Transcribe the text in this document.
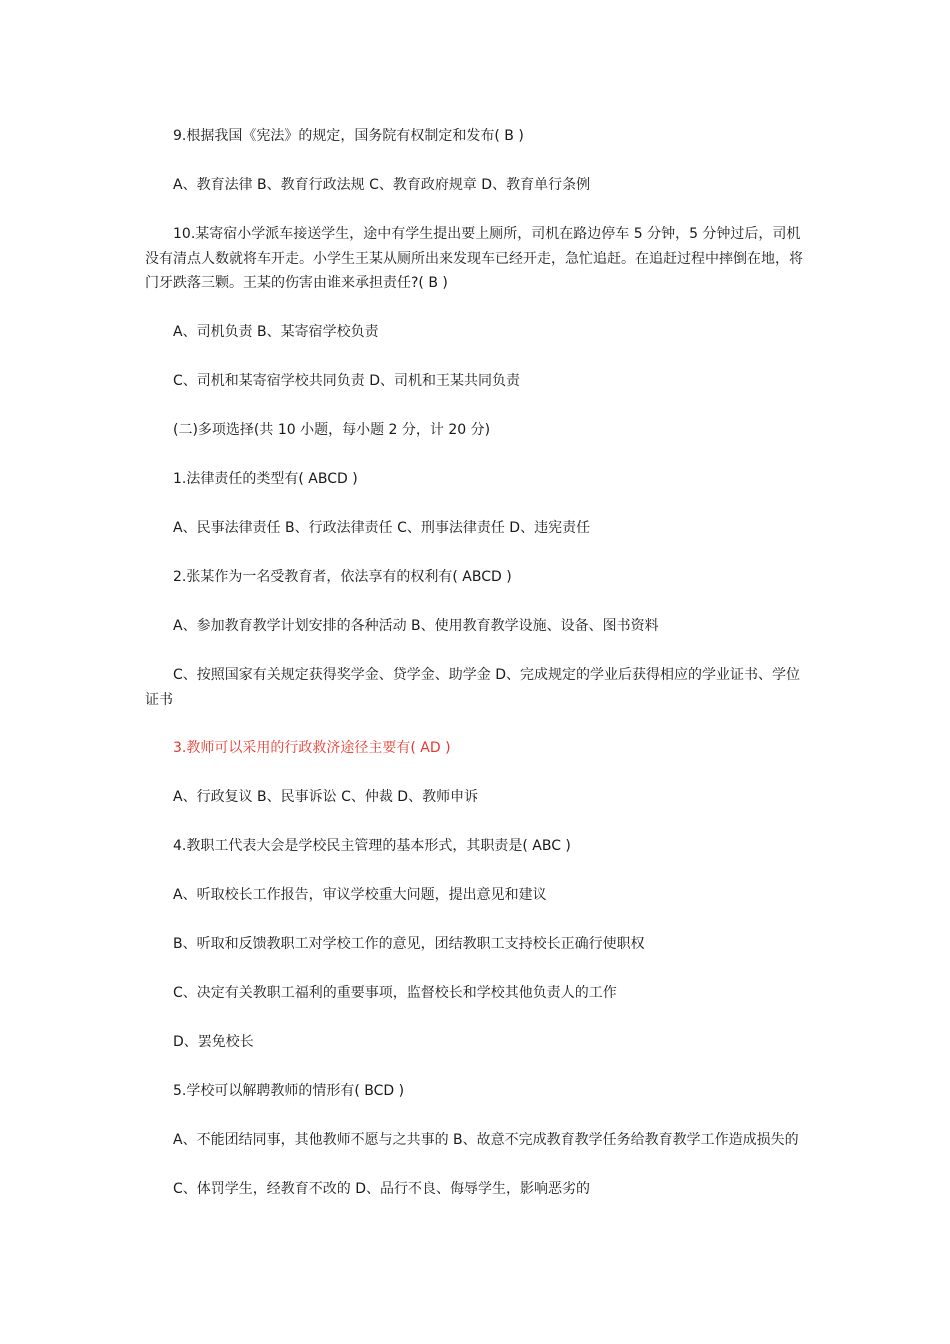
9.根据我国《宪法》的规定，国务院有权制定和发布( B )

A、教育法律 B、教育行政法规 C、教育政府规章 D、教育单行条例

10.某寄宿小学派车接送学生，途中有学生提出要上厕所，司机在路边停车 5 分钟，5 分钟过后，司机没有清点人数就将车开走。小学生王某从厕所出来发现车已经开走，急忙追赶。在追赶过程中摔倒在地，将门牙跌落三颗。王某的伤害由谁来承担责任?( B )

A、司机负责 B、某寄宿学校负责

C、司机和某寄宿学校共同负责 D、司机和王某共同负责

(二)多项选择(共 10 小题，每小题 2 分，计 20 分)

1.法律责任的类型有( ABCD )

A、民事法律责任 B、行政法律责任 C、刑事法律责任 D、违宪责任

2.张某作为一名受教育者，依法享有的权利有( ABCD )

A、参加教育教学计划安排的各种活动 B、使用教育教学设施、设备、图书资料

C、按照国家有关规定获得奖学金、贷学金、助学金 D、完成规定的学业后获得相应的学业证书、学位证书

3.教师可以采用的行政救济途径主要有( AD )

A、行政复议 B、民事诉讼 C、仲裁 D、教师申诉

4.教职工代表大会是学校民主管理的基本形式，其职责是( ABC )

A、听取校长工作报告，审议学校重大问题，提出意见和建议

B、听取和反馈教职工对学校工作的意见，团结教职工支持校长正确行使职权

C、决定有关教职工福利的重要事项，监督校长和学校其他负责人的工作

D、罢免校长

5.学校可以解聘教师的情形有( BCD )

A、不能团结同事，其他教师不愿与之共事的 B、故意不完成教育教学任务给教育教学工作造成损失的

C、体罚学生，经教育不改的 D、品行不良、侮辱学生，影响恶劣的
